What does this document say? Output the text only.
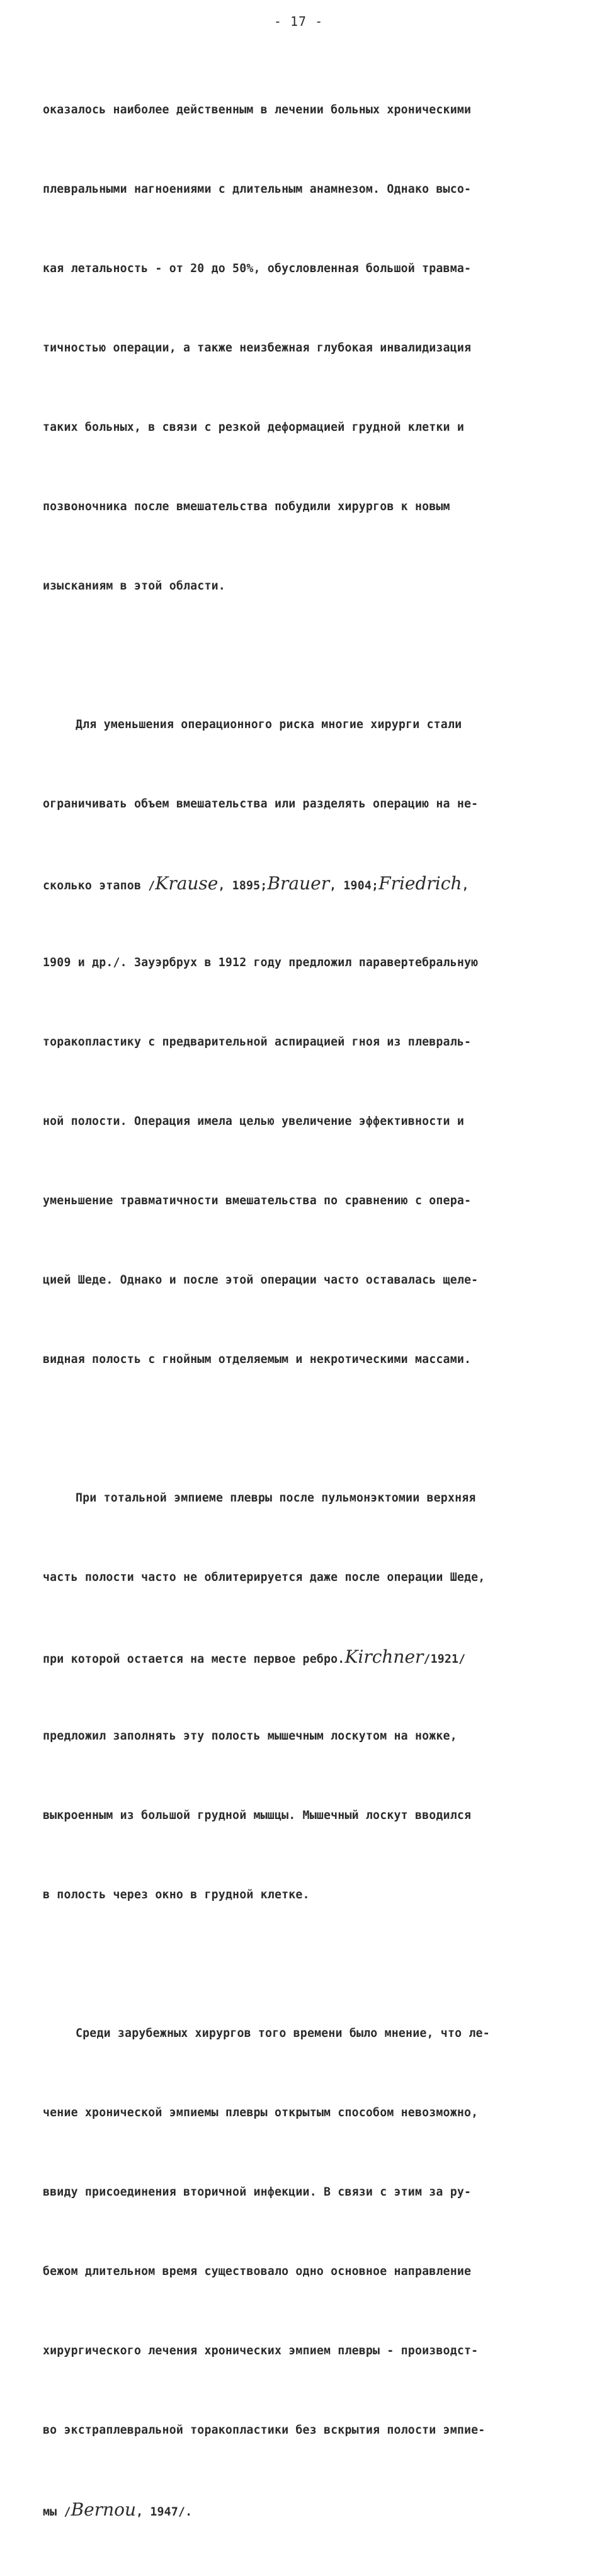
- 17 -

оказалось наиболее действенным в лечении больных хроническими

плевральными нагноениями с длительным анамнезом. Однако высо-

кая летальность - от 20 до 50%, обусловленная большой травма-

тичностью операции, а также неизбежная глубокая инвалидизация

таких больных, в связи с резкой деформацией грудной клетки и

позвоночника после вмешательства побудили хирургов к новым

изысканиям в этой области.

Для уменьшения операционного риска многие хирурги стали

ограничивать объем вмешательства или разделять операцию на не-

сколько этапов /Krause, 1895;Brauer, 1904;Friedrich,

1909 и др./. Зауэрбрух в 1912 году предложил паравертебральную

торакопластику с предварительной аспирацией гноя из плевраль-

ной полости. Операция имела целью увеличение эффективности и

уменьшение травматичности вмешательства по сравнению с опера-

цией Шеде. Однако и после этой операции часто оставалась щеле-

видная полость с гнойным отделяемым и некротическими массами.

При тотальной эмпиеме плевры после пульмонэктомии верхняя

часть полости часто не облитерируется даже после операции Шеде,

при которой остается на месте первое ребро.Kirchner/1921/

предложил заполнять эту полость мышечным лоскутом на ножке,

выкроенным из большой грудной мышцы. Мышечный лоскут вводился

в полость через окно в грудной клетке.

Среди зарубежных хирургов того времени было мнение, что ле-

чение хронической эмпиемы плевры открытым способом невозможно,

ввиду присоединения вторичной инфекции. В связи с этим за ру-

бежом длительном время существовало одно основное направление

хирургического лечения хронических эмпием плевры - производст-

во экстраплевральной торакопластики без вскрытия полости эмпие-

мы /Bernou, 1947/.
